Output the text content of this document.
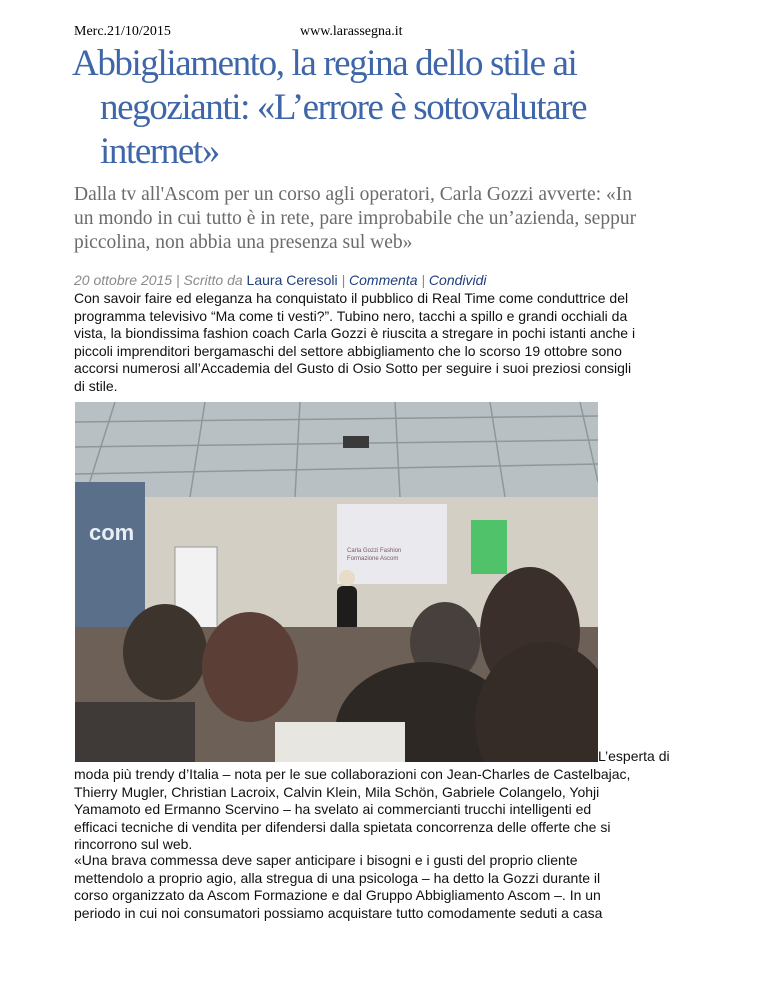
Merc.21/10/2015	www.larassegna.it
Abbigliamento, la regina dello stile ai
negozianti: «L’errore è sottovalutare
internet»

Dalla tv all'Ascom per un corso agli operatori, Carla Gozzi avverte: «In
un mondo in cui tutto è in rete, pare improbabile che un’azienda, seppur
piccolina, non abbia una presenza sul web»

20 ottobre 2015 | Scritto da Laura Ceresoli | Commenta | Condividi
Con savoir faire ed eleganza ha conquistato il pubblico di Real Time come conduttrice del
programma televisivo “Ma come ti vesti?”. Tubino nero, tacchi a spillo e grandi occhiali da
vista, la biondissima fashion coach Carla Gozzi è riuscita a stregare in pochi istanti anche i
piccoli imprenditori bergamaschi del settore abbigliamento che lo scorso 19 ottobre sono
accorsi numerosi all’Accademia del Gusto di Osio Sotto per seguire i suoi preziosi consigli
di stile.
com
Carla Gozzi Fashion
Formazione Ascom
L’esperta di
moda più trendy d’Italia – nota per le sue collaborazioni con Jean-Charles de Castelbajac,
Thierry Mugler, Christian Lacroix, Calvin Klein, Mila Schön, Gabriele Colangelo, Yohji
Yamamoto ed Ermanno Scervino – ha svelato ai commercianti trucchi intelligenti ed
efficaci tecniche di vendita per difendersi dalla spietata concorrenza delle offerte che si
rincorrono sul web.
«Una brava commessa deve saper anticipare i bisogni e i gusti del proprio cliente
mettendolo a proprio agio, alla stregua di una psicologa – ha detto la Gozzi durante il
corso organizzato da Ascom Formazione e dal Gruppo Abbigliamento Ascom –. In un
periodo in cui noi consumatori possiamo acquistare tutto comodamente seduti a casa
